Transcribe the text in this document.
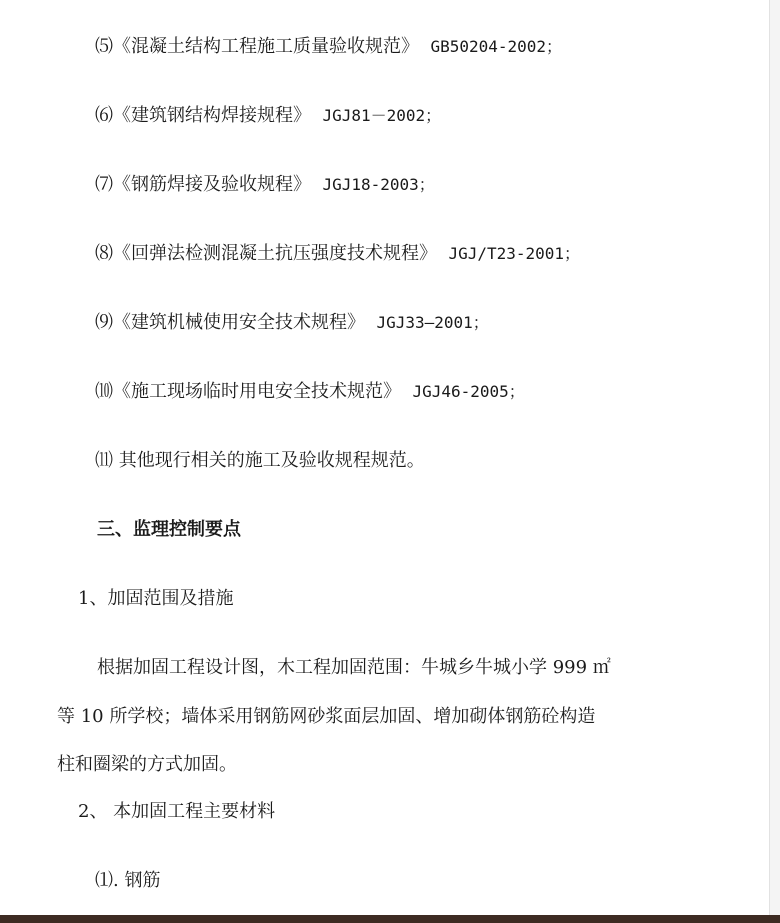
⑸《混凝土结构工程施工质量验收规范》 GB50204-2002；
⑹《建筑钢结构焊接规程》 JGJ81－2002；
⑺《钢筋焊接及验收规程》 JGJ18-2003；
⑻《回弹法检测混凝土抗压强度技术规程》 JGJ/T23-2001；
⑼《建筑机械使用安全技术规程》 JGJ33—2001；
⑽《施工现场临时用电安全技术规范》 JGJ46-2005；
⑾ 其他现行相关的施工及验收规程规范。
三、监理控制要点
1、加固范围及措施
根据加固工程设计图，木工程加固范围：牛城乡牛城小学 999 ㎡
等 10 所学校；墙体采用钢筋网砂浆面层加固、增加砌体钢筋砼构造
柱和圈梁的方式加固。
2、 本加固工程主要材料
⑴. 钢筋
